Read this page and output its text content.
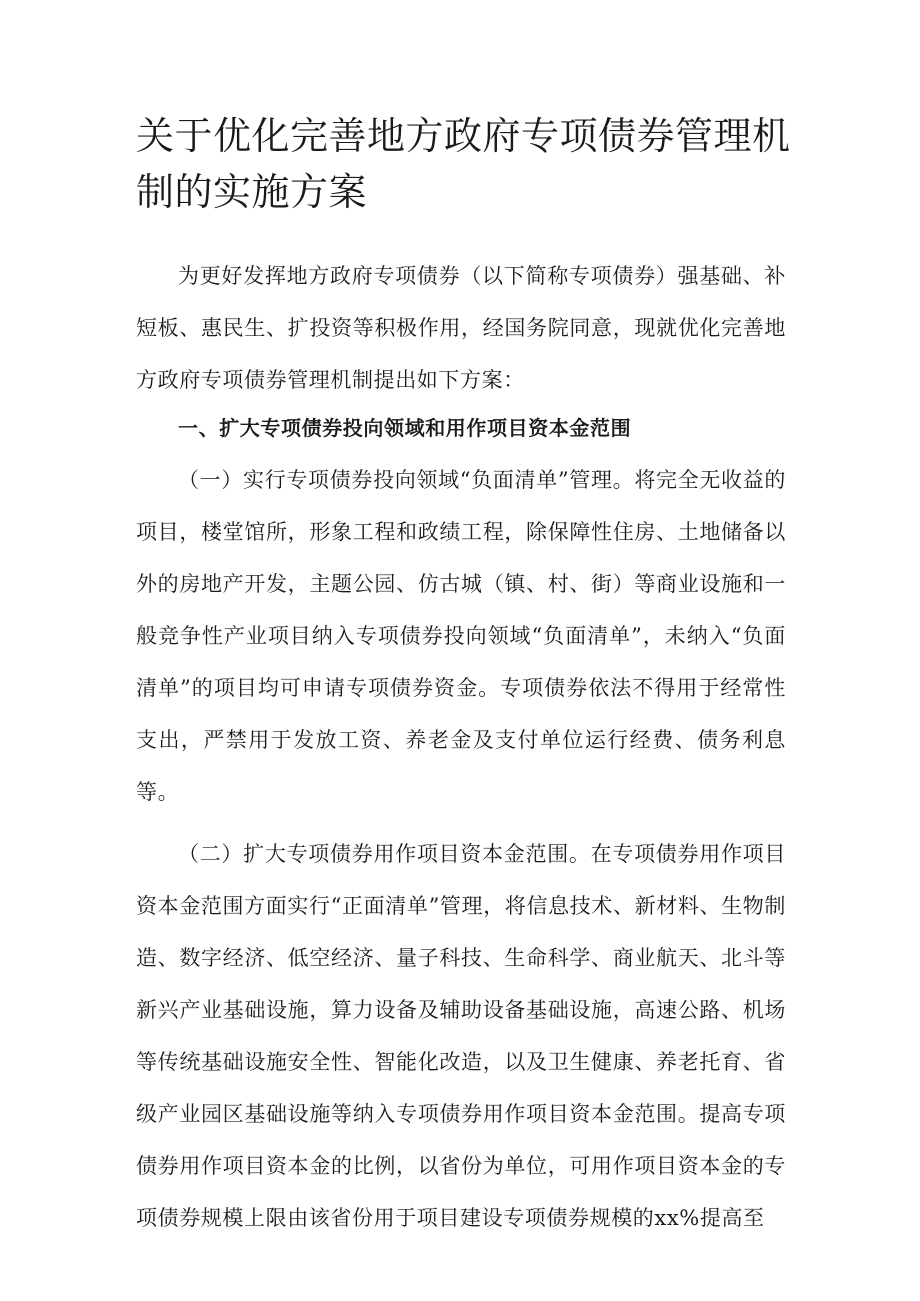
关于优化完善地方政府专项债券管理机制的实施方案

为更好发挥地方政府专项债券（以下简称专项债券）强基础、补短板、惠民生、扩投资等积极作用，经国务院同意，现就优化完善地方政府专项债券管理机制提出如下方案：

一、扩大专项债券投向领域和用作项目资本金范围

（一）实行专项债券投向领域“负面清单”管理。将完全无收益的项目，楼堂馆所，形象工程和政绩工程，除保障性住房、土地储备以外的房地产开发，主题公园、仿古城（镇、村、街）等商业设施和一般竞争性产业项目纳入专项债券投向领域“负面清单”，未纳入“负面清单”的项目均可申请专项债券资金。专项债券依法不得用于经常性支出，严禁用于发放工资、养老金及支付单位运行经费、债务利息等。

（二）扩大专项债券用作项目资本金范围。在专项债券用作项目资本金范围方面实行“正面清单”管理，将信息技术、新材料、生物制造、数字经济、低空经济、量子科技、生命科学、商业航天、北斗等新兴产业基础设施，算力设备及辅助设备基础设施，高速公路、机场等传统基础设施安全性、智能化改造，以及卫生健康、养老托育、省级产业园区基础设施等纳入专项债券用作项目资本金范围。提高专项债券用作项目资本金的比例，以省份为单位，可用作项目资本金的专项债券规模上限由该省份用于项目建设专项债券规模的xx%提高至
